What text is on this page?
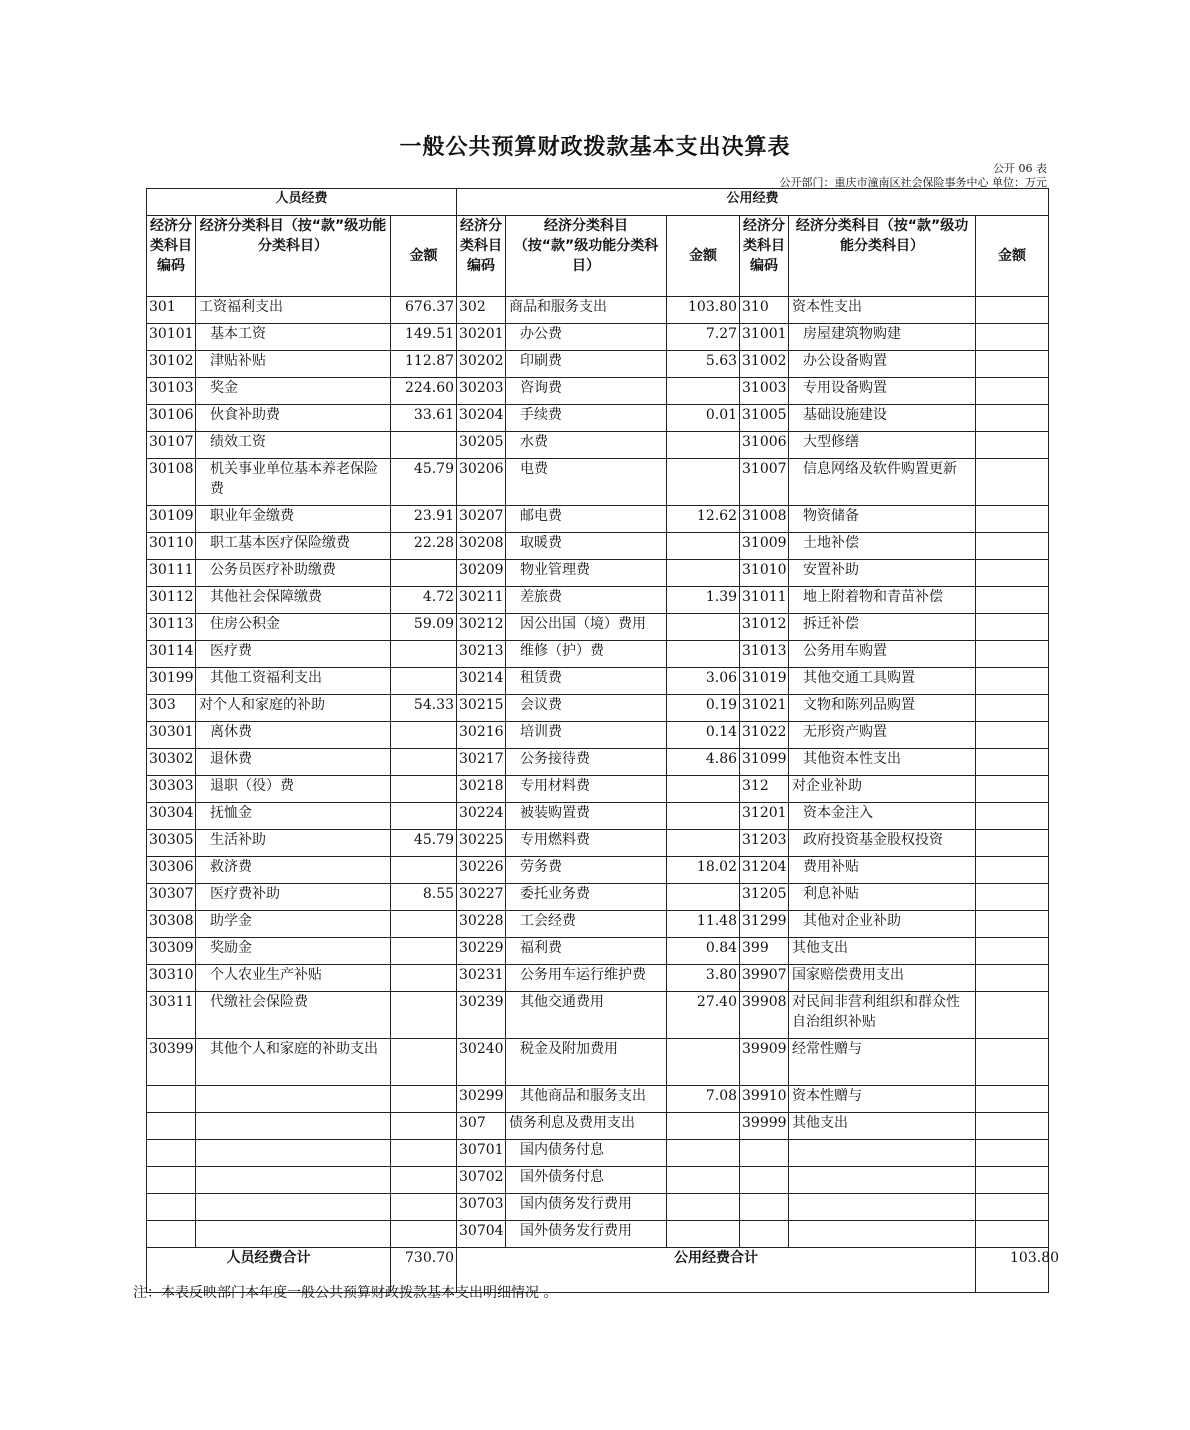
一般公共预算财政拨款基本支出决算表
公开 06 表
公开部门：重庆市潼南区社会保险事务中心 单位：万元
人员经费			公用经费					
经济分类科目编码	经济分类科目（按“款”级功能分类科目）	金额	经济分类科目编码	经济分类科目（按“款”级功能分类科目）	金额	经济分类科目编码	经济分类科目（按“款”级功能分类科目）	金额
301	工资福利支出	676.37	302	商品和服务支出	103.80	310	资本性支出	
30101	基本工资	149.51	30201	办公费	7.27	31001	房屋建筑物购建	
30102	津贴补贴	112.87	30202	印刷费	5.63	31002	办公设备购置	
30103	奖金	224.60	30203	咨询费		31003	专用设备购置	
30106	伙食补助费	33.61	30204	手续费	0.01	31005	基础设施建设	
30107	绩效工资		30205	水费		31006	大型修缮	
30108	机关事业单位基本养老保险费	45.79	30206	电费		31007	信息网络及软件购置更新	
30109	职业年金缴费	23.91	30207	邮电费	12.62	31008	物资储备	
30110	职工基本医疗保险缴费	22.28	30208	取暖费		31009	土地补偿	
30111	公务员医疗补助缴费		30209	物业管理费		31010	安置补助	
30112	其他社会保障缴费	4.72	30211	差旅费	1.39	31011	地上附着物和青苗补偿	
30113	住房公积金	59.09	30212	因公出国（境）费用		31012	拆迁补偿	
30114	医疗费		30213	维修（护）费		31013	公务用车购置	
30199	其他工资福利支出		30214	租赁费	3.06	31019	其他交通工具购置	
303	对个人和家庭的补助	54.33	30215	会议费	0.19	31021	文物和陈列品购置	
30301	离休费		30216	培训费	0.14	31022	无形资产购置	
30302	退休费		30217	公务接待费	4.86	31099	其他资本性支出	
30303	退职（役）费		30218	专用材料费		312	对企业补助	
30304	抚恤金		30224	被装购置费		31201	资本金注入	
30305	生活补助	45.79	30225	专用燃料费		31203	政府投资基金股权投资	
30306	救济费		30226	劳务费	18.02	31204	费用补贴	
30307	医疗费补助	8.55	30227	委托业务费		31205	利息补贴	
30308	助学金		30228	工会经费	11.48	31299	其他对企业补助	
30309	奖励金		30229	福利费	0.84	399	其他支出	
30310	个人农业生产补贴		30231	公务用车运行维护费	3.80	39907	国家赔偿费用支出	
30311	代缴社会保险费		30239	其他交通费用	27.40	39908	对民间非营利组织和群众性自治组织补贴	
30399	其他个人和家庭的补助支出		30240	税金及附加费用		39909	经常性赠与	
			30299	其他商品和服务支出	7.08	39910	资本性赠与	
			307	债务利息及费用支出		39999	其他支出	
			30701	国内债务付息				
			30702	国外债务付息				
			30703	国内债务发行费用				
			30704	国外债务发行费用				
人员经费合计		730.70	公用经费合计					103.80
注：本表反映部门本年度一般公共预算财政拨款基本支出明细情况 。
